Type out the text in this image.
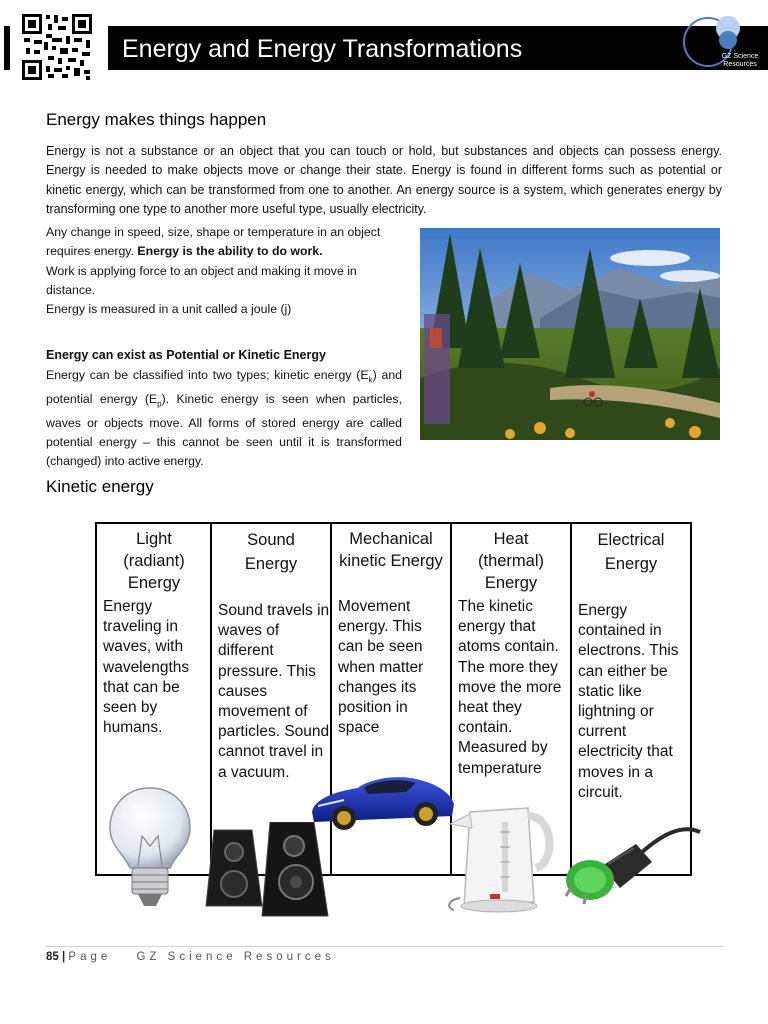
Energy and Energy Transformations	GZ Science
Resources
Energy makes things happen

Energy is not a substance or an object that you can touch or hold, but substances and objects can possess energy. Energy is needed to make objects move or change their state. Energy is found in different forms such as potential or kinetic energy, which can be transformed from one to another. An energy source is a system, which generates energy by transforming one type to another more useful type, usually electricity.

Any change in speed, size, shape or temperature in an object requires energy. Energy is the ability to do work.
Work is applying force to an object and making it move in distance.
Energy is measured in a unit called a joule (j)

Energy can exist as Potential or Kinetic Energy

Energy can be classified into two types; kinetic energy $(E_k)$ and potential energy $(E_p)$. Kinetic energy is seen when particles, waves or objects move. All forms of stored energy are called potential energy – this cannot be seen until it is transformed (changed) into active energy.

Kinetic energy
Light
(radiant)
Energy
Energy traveling in waves, with wavelengths that can be seen by humans.
Sound
Energy
Sound travels in waves of different pressure. This causes movement of particles. Sound cannot travel in a vacuum.
Mechanical
kinetic Energy
Movement energy. This can be seen when matter changes its position in space
Heat
(thermal)
Energy
The kinetic energy that atoms contain. The more they move the more heat they contain. Measured by temperature
Electrical
Energy
Energy contained in electrons. This can either be static like lightning or current electricity that moves in a circuit.
85 | Page GZ Science Resources
